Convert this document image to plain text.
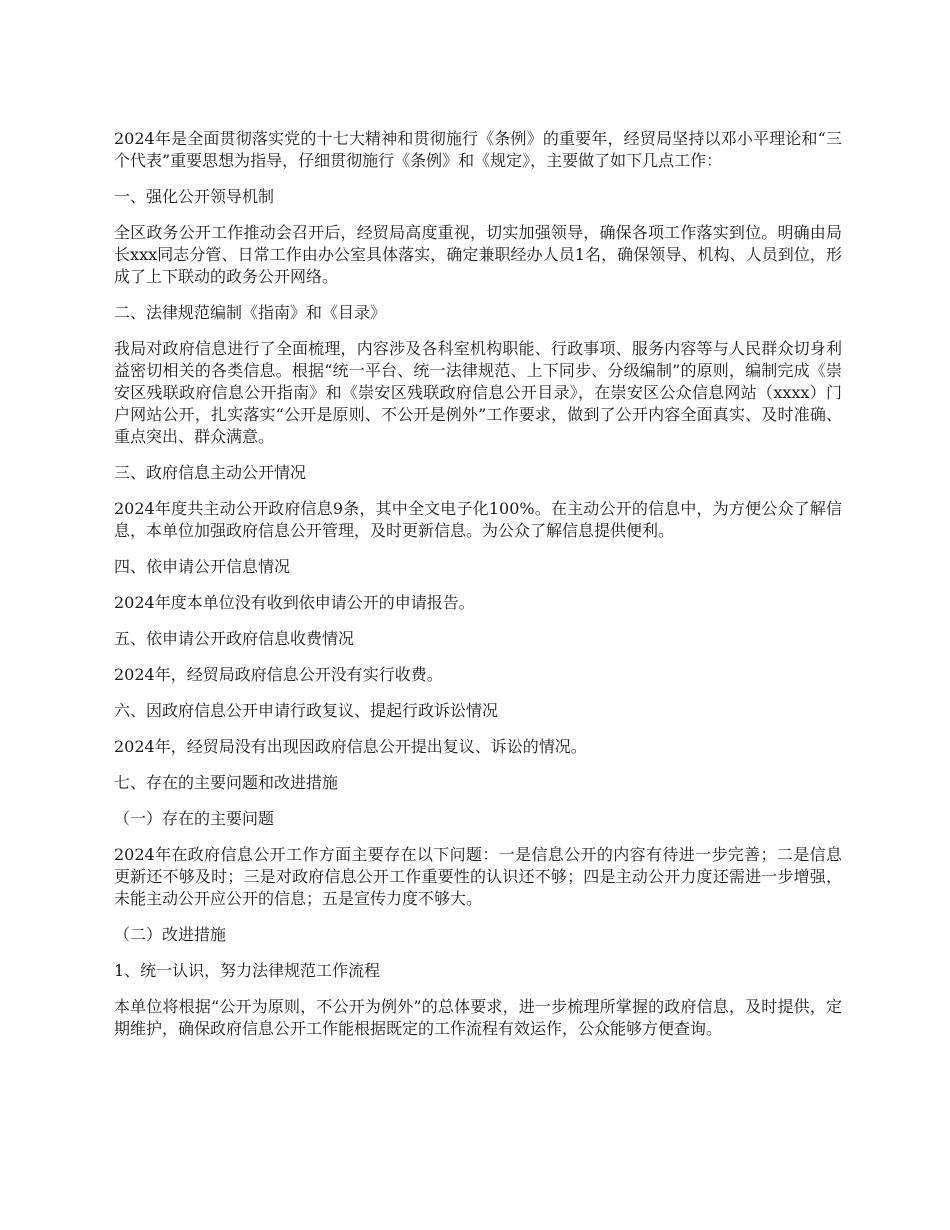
2024年是全面贯彻落实党的十七大精神和贯彻施行《条例》的重要年，经贸局坚持以邓小平理论和“三个代表”重要思想为指导，仔细贯彻施行《条例》和《规定》，主要做了如下几点工作：

一、强化公开领导机制

全区政务公开工作推动会召开后，经贸局高度重视，切实加强领导，确保各项工作落实到位。明确由局长xxx同志分管、日常工作由办公室具体落实，确定兼职经办人员1名，确保领导、机构、人员到位，形成了上下联动的政务公开网络。

二、法律规范编制《指南》和《目录》

我局对政府信息进行了全面梳理，内容涉及各科室机构职能、行政事项、服务内容等与人民群众切身利益密切相关的各类信息。根据“统一平台、统一法律规范、上下同步、分级编制”的原则，编制完成《崇安区残联政府信息公开指南》和《崇安区残联政府信息公开目录》，在崇安区公众信息网站（xxxx）门户网站公开，扎实落实“公开是原则、不公开是例外”工作要求，做到了公开内容全面真实、及时准确、重点突出、群众满意。

三、政府信息主动公开情况

2024年度共主动公开政府信息9条，其中全文电子化100%。在主动公开的信息中，为方便公众了解信息，本单位加强政府信息公开管理，及时更新信息。为公众了解信息提供便利。

四、依申请公开信息情况

2024年度本单位没有收到依申请公开的申请报告。

五、依申请公开政府信息收费情况

2024年，经贸局政府信息公开没有实行收费。

六、因政府信息公开申请行政复议、提起行政诉讼情况

2024年，经贸局没有出现因政府信息公开提出复议、诉讼的情况。

七、存在的主要问题和改进措施

（一）存在的主要问题

2024年在政府信息公开工作方面主要存在以下问题：一是信息公开的内容有待进一步完善；二是信息更新还不够及时；三是对政府信息公开工作重要性的认识还不够；四是主动公开力度还需进一步增强，未能主动公开应公开的信息；五是宣传力度不够大。

（二）改进措施

1、统一认识，努力法律规范工作流程

本单位将根据“公开为原则，不公开为例外”的总体要求，进一步梳理所掌握的政府信息，及时提供，定期维护，确保政府信息公开工作能根据既定的工作流程有效运作，公众能够方便查询。
